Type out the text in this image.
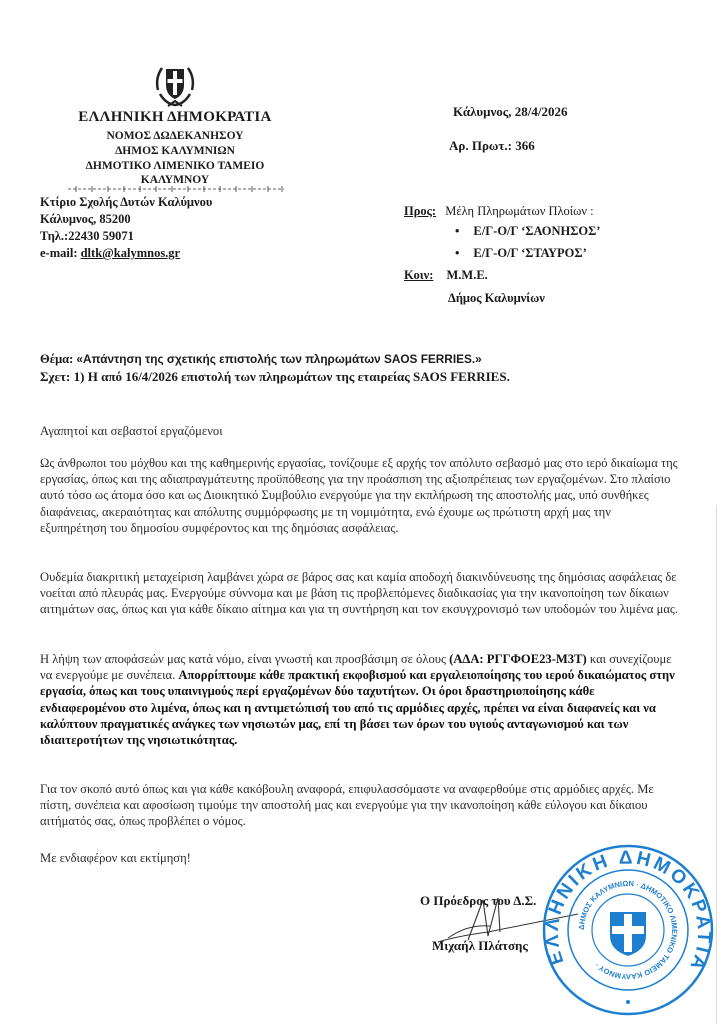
ΕΛΛΗΝΙΚΗ ΔΗΜΟΚΡΑΤΙΑ
ΝΟΜΟΣ ΔΩΔΕΚΑΝΗΣΟΥ
ΔΗΜΟΣ ΚΑΛΥΜΝΙΩΝ
ΔΗΜΟΤΙΚΟ ΛΙΜΕΝΙΚΟ ΤΑΜΕΙΟ
ΚΑΛΥΜΝΟΥ
Κτίριο Σχολής Δυτών Καλύμνου
Κάλυμνος, 85200
Τηλ.:22430 59071
e-mail: dltk@kalymnos.gr
Κάλυμνος, 28/4/2026
Αρ. Πρωτ.: 366
Προς: Μέλη Πληρωμάτων Πλοίων :
• Ε/Γ-Ο/Γ ‘ΣΑΟΝΗΣΟΣ’
• Ε/Γ-Ο/Γ ‘ΣΤΑΥΡΟΣ’
Κοιν: Μ.Μ.Ε.
Δήμος Καλυμνίων
Θέμα: «Απάντηση της σχετικής επιστολής των πληρωμάτων SAOS FERRIES.»
Σχετ: 1) Η από 16/4/2026 επιστολή των πληρωμάτων της εταιρείας SAOS FERRIES.
Αγαπητοί και σεβαστοί εργαζόμενοι
Ως άνθρωποι του μόχθου και της καθημερινής εργασίας, τονίζουμε εξ αρχής τον απόλυτο σεβασμό μας στο ιερό δικαίωμα της εργασίας, όπως και της αδιαπραγμάτευτης προϋπόθεσης για την προάσπιση της αξιοπρέπειας των εργαζομένων. Στο πλαίσιο αυτό τόσο ως άτομα όσο και ως Διοικητικό Συμβούλιο ενεργούμε για την εκπλήρωση της αποστολής μας, υπό συνθήκες διαφάνειας, ακεραιότητας και απόλυτης συμμόρφωσης με τη νομιμότητα, ενώ έχουμε ως πρώτιστη αρχή μας την εξυπηρέτηση του δημοσίου συμφέροντος και της δημόσιας ασφάλειας.
Ουδεμία διακριτική μεταχείριση λαμβάνει χώρα σε βάρος σας και καμία αποδοχή διακινδύνευσης της δημόσιας ασφάλειας δε νοείται από πλευράς μας. Ενεργούμε σύννομα και με βάση τις προβλεπόμενες διαδικασίας για την ικανοποίηση των δίκαιων αιτημάτων σας, όπως και για κάθε δίκαιο αίτημα και για τη συντήρηση και τον εκσυγχρονισμό των υποδομών του λιμένα μας.
Η λήψη των αποφάσεών μας κατά νόμο, είναι γνωστή και προσβάσιμη σε όλους (ΑΔΑ: ΡΓΓΦΟΕ23-Μ3Τ) και συνεχίζουμε να ενεργούμε με συνέπεια. Απορρίπτουμε κάθε πρακτική εκφοβισμού και εργαλειοποίησης του ιερού δικαιώματος στην εργασία, όπως και τους υπαινιγμούς περί εργαζομένων δύο ταχυτήτων. Οι όροι δραστηριοποίησης κάθε ενδιαφερομένου στο λιμένα, όπως και η αντιμετώπισή του από τις αρμόδιες αρχές, πρέπει να είναι διαφανείς και να καλύπτουν πραγματικές ανάγκες των νησιωτών μας, επί τη βάσει των όρων του υγιούς ανταγωνισμού και των ιδιαιτεροτήτων της νησιωτικότητας.
Για τον σκοπό αυτό όπως και για κάθε κακόβουλη αναφορά, επιφυλασσόμαστε να αναφερθούμε στις αρμόδιες αρχές. Με πίστη, συνέπεια και αφοσίωση τιμούμε την αποστολή μας και ενεργούμε για την ικανοποίηση κάθε εύλογου και δίκαιου αιτήματός σας, όπως προβλέπει ο νόμος.
Με ενδιαφέρον και εκτίμηση!
Ο Πρόεδρος του Δ.Σ.
Μιχαήλ Πλάτσης
ΕΛΛΗΝΙΚΗ ΔΗΜΟΚΡΑΤΙΑ
ΔΗΜΟΣ ΚΑΛΥΜΝΙΩΝ · ΔΗΜΟΤΙΚΟ ΛΙΜΕΝΙΚΟ ΤΑΜΕΙΟ ΚΑΛΥΜΝΟΥ ·
